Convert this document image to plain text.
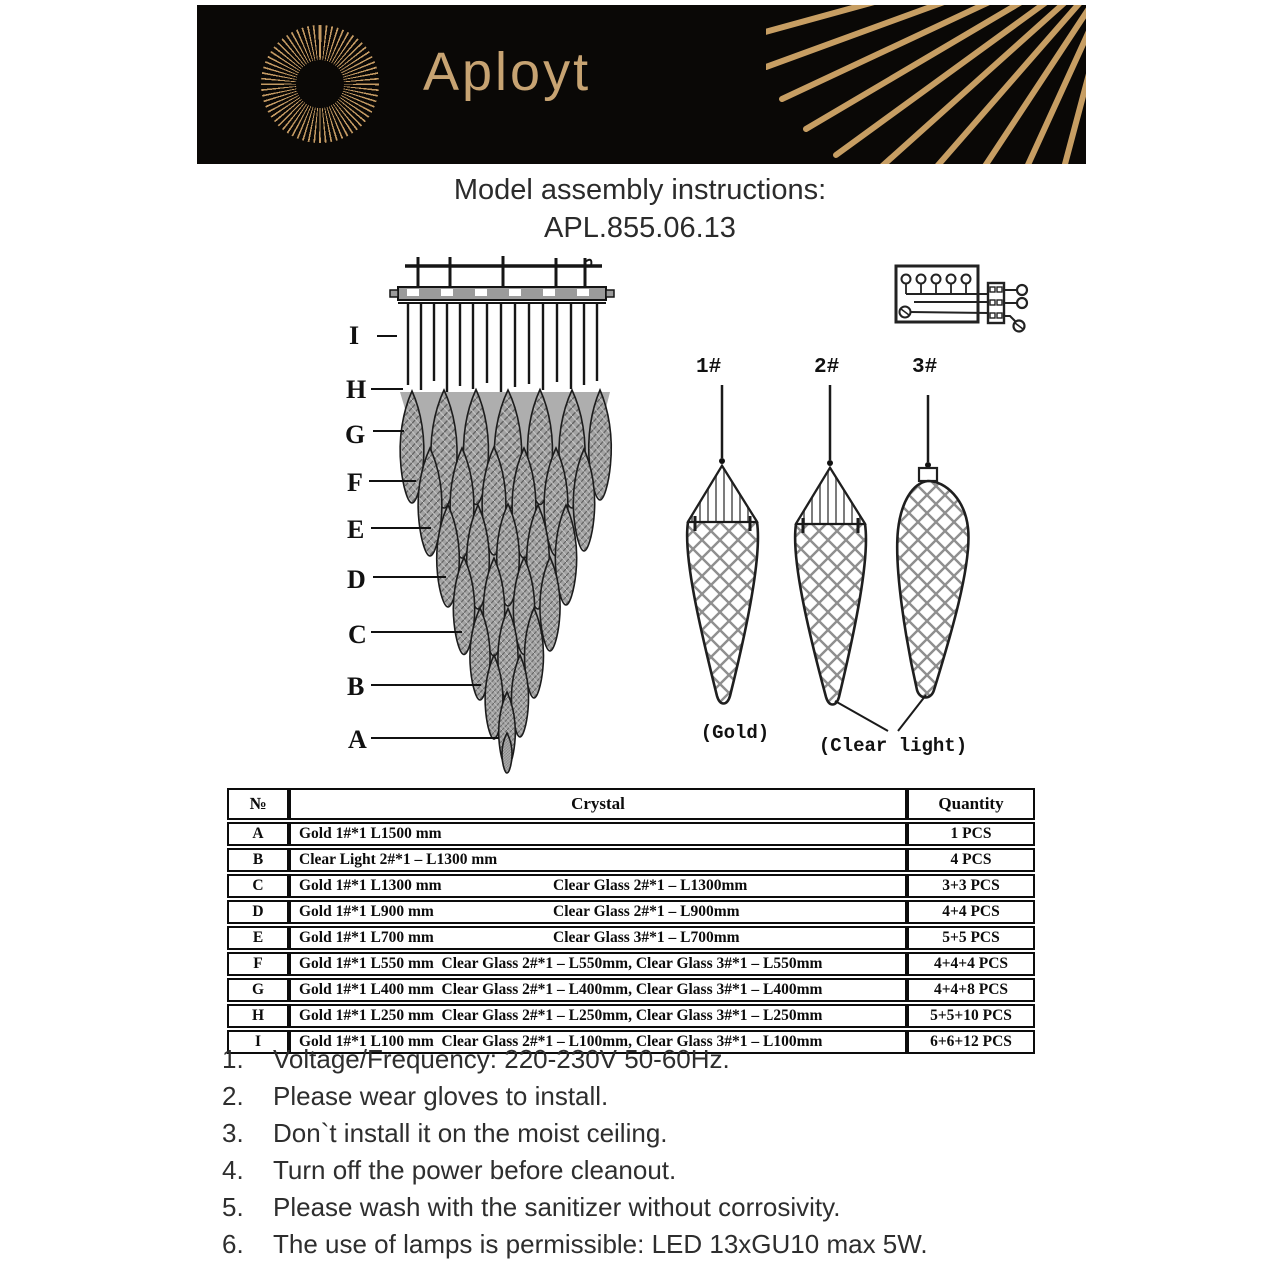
Aployt
Model assembly instructions:
APL.855.06.13
I
H
G
F
E
D
C
B
A
1#
(Gold)
2#	3#
(Clear light)
№	Crystal	Quantity
A	Gold 1#*1 L1500 mm	1 PCS
B	Clear Light 2#*1 – L1300 mm	4 PCS
C	Gold 1#*1 L1300 mm Clear Glass 2#*1 – L1300mm	3+3 PCS
D	Gold 1#*1 L900 mm Clear Glass 2#*1 – L900mm	4+4 PCS
E	Gold 1#*1 L700 mm Clear Glass 3#*1 – L700mm	5+5 PCS
F	Gold 1#*1 L550 mm  Clear Glass 2#*1 – L550mm, Clear Glass 3#*1 – L550mm	4+4+4 PCS
G	Gold 1#*1 L400 mm  Clear Glass 2#*1 – L400mm, Clear Glass 3#*1 – L400mm	4+4+8 PCS
H	Gold 1#*1 L250 mm  Clear Glass 2#*1 – L250mm, Clear Glass 3#*1 – L250mm	5+5+10 PCS
I	Gold 1#*1 L100 mm  Clear Glass 2#*1 – L100mm, Clear Glass 3#*1 – L100mm	6+6+12 PCS
1.	Voltage/Frequency: 220-230V 50-60Hz.
2.	Please wear gloves to install.
3.	Don`t install it on the moist ceiling.
4.	Turn off the power before cleanout.
5.	Please wash with the sanitizer without corrosivity.
6.	The use of lamps is permissible: LED 13xGU10 max 5W.
